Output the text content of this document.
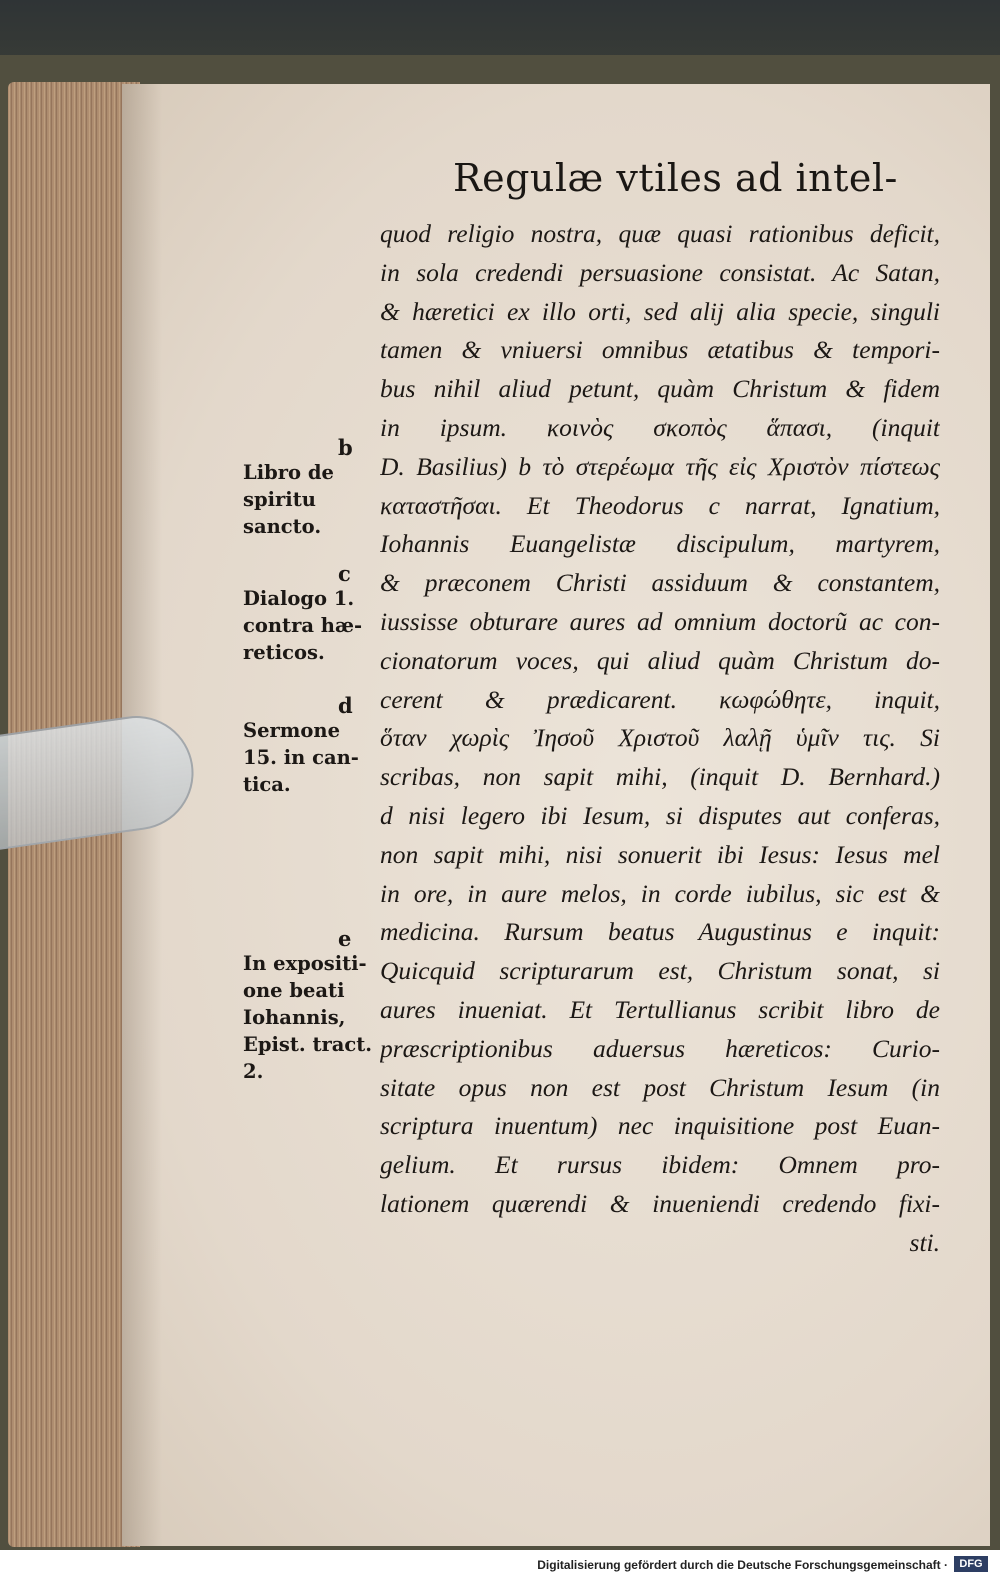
Regulæ vtiles ad intel‐
quod religio nostra, quæ quasi rationibus deficit,
in sola credendi persuasione consistat. Ac Satan,
& hæretici ex illo orti, sed alij alia specie, singuli
tamen & vniuersi omnibus ætatibus & tempori‐
bus nihil aliud petunt, quàm Christum & fidem
in ipsum. κοινὸς σκοπὸς ἅπασι, (inquit
D. Basilius) b τὸ στερέωμα τῆς εἰς Χριστὸν πίστεως
καταστῆσαι. Et Theodorus c narrat, Ignatium,
Iohannis Euangelistæ discipulum, martyrem,
& præconem Christi assiduum & constantem,
iussisse obturare aures ad omnium doctorũ ac con‐
cionatorum voces, qui aliud quàm Christum do‐
cerent & prædicarent. κωφώθητε, inquit,
ὅταν χωρὶς Ἰησοῦ Χριστοῦ λαλῇ ὑμῖν τις. Si
scribas, non sapit mihi, (inquit D. Bernhard.)
d nisi legero ibi Iesum, si disputes aut conferas,
non sapit mihi, nisi sonuerit ibi Iesus: Iesus mel
in ore, in aure melos, in corde iubilus, sic est &
medicina. Rursum beatus Augustinus e inquit:
Quicquid scripturarum est, Christum sonat, si
aures inueniat. Et Tertullianus scribit libro de
præscriptionibus aduersus hæreticos: Curio‐
sitate opus non est post Christum Iesum (in
scriptura inuentum) nec inquisitione post Euan‐
gelium. Et rursus ibidem: Omnem pro‐
lationem quærendi & inueniendi credendo fixi‐
sti.
b
Libro de
spiritu
sancto.
c
Dialogo 1.
contra hæ‐
reticos.
d
Sermone
15. in can‐
tica.
e
In expositi‐
one beati
Iohannis,
Epist. tract.
2.
Digitalisierung gefördert durch die Deutsche Forschungsgemeinschaft ·	DFG
